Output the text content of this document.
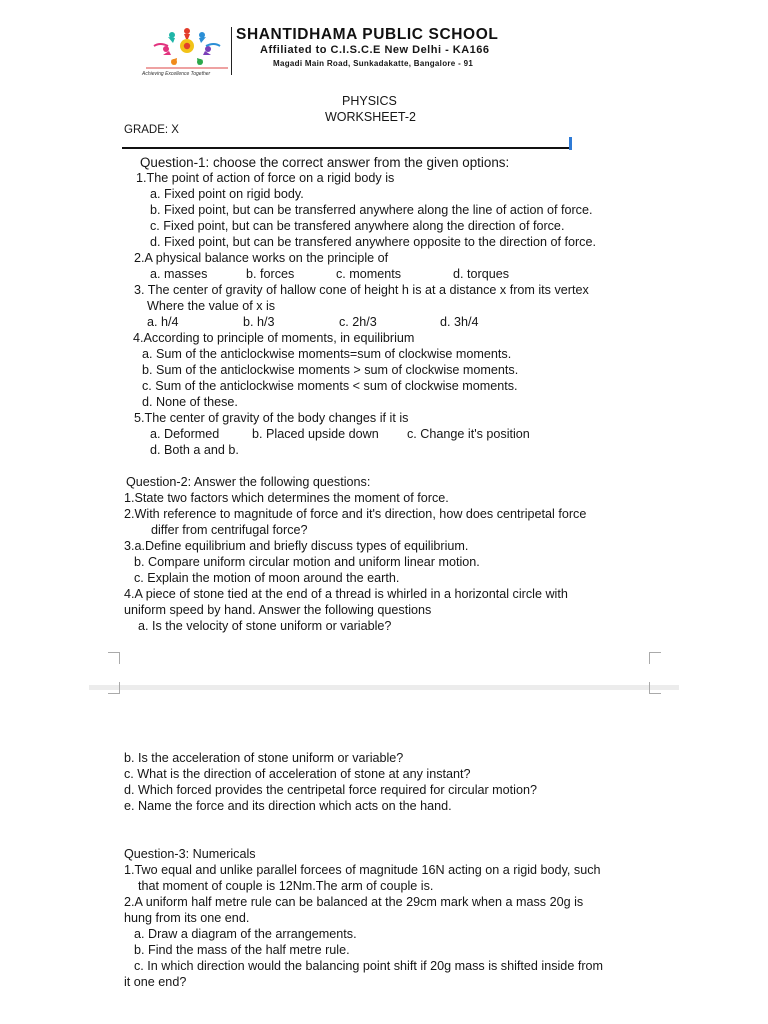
SHANTIDHAMA PUBLIC SCHOOL
Affiliated to C.I.S.C.E New Delhi - KA166
Magadi Main Road, Sunkadakatte, Bangalore - 91
Achieving Excellence Together
PHYSICS
WORKSHEET-2
GRADE: X
Question-1: choose the correct answer from the given options:
1.The point of action of force on a rigid body is
a. Fixed point on rigid body.
b. Fixed point, but can be transferred anywhere along the line of action of force.
c. Fixed point, but can be transfered anywhere along the direction of force.
d. Fixed point, but can be transfered anywhere opposite to the direction of force.
2.A physical balance works on the principle of
a. masses	b. forces	c. moments	d. torques
3. The center of gravity of hallow cone of height h is at a distance x from its vertex
Where the value of x is
a. h/4	b. h/3	c. 2h/3	d. 3h/4
4.According to principle of moments, in equilibrium
a. Sum of the anticlockwise moments=sum of clockwise moments.
b. Sum of the anticlockwise moments > sum of clockwise moments.
c. Sum of the anticlockwise moments < sum of clockwise moments.
d. None of these.
5.The center of gravity of the body changes if it is
a. Deformed	b. Placed upside down c. Change it's position
d. Both a and b.
Question-2: Answer the following questions:
1.State two factors which determines the moment of force.
2.With reference to magnitude of force and it's direction, how does centripetal force
differ from centrifugal force?
3.a.Define equilibrium and briefly discuss types of equilibrium.
b. Compare uniform circular motion and uniform linear motion.
c. Explain the motion of moon around the earth.
4.A piece of stone tied at the end of a thread is whirled in a horizontal circle with
uniform speed by hand. Answer the following questions
a. Is the velocity of stone uniform or variable?
b. Is the acceleration of stone uniform or variable?
c. What is the direction of acceleration of stone at any instant?
d. Which forced provides the centripetal force required for circular motion?
e. Name the force and its direction which acts on the hand.
Question-3: Numericals
1.Two equal and unlike parallel forcees of magnitude 16N acting on a rigid body, such
that moment of couple is 12Nm.The arm of couple is.
2.A uniform half metre rule can be balanced at the 29cm mark when a mass 20g is
hung from its one end.
a. Draw a diagram of the arrangements.
b. Find the mass of the half metre rule.
c. In which direction would the balancing point shift if 20g mass is shifted inside from
it one end?
